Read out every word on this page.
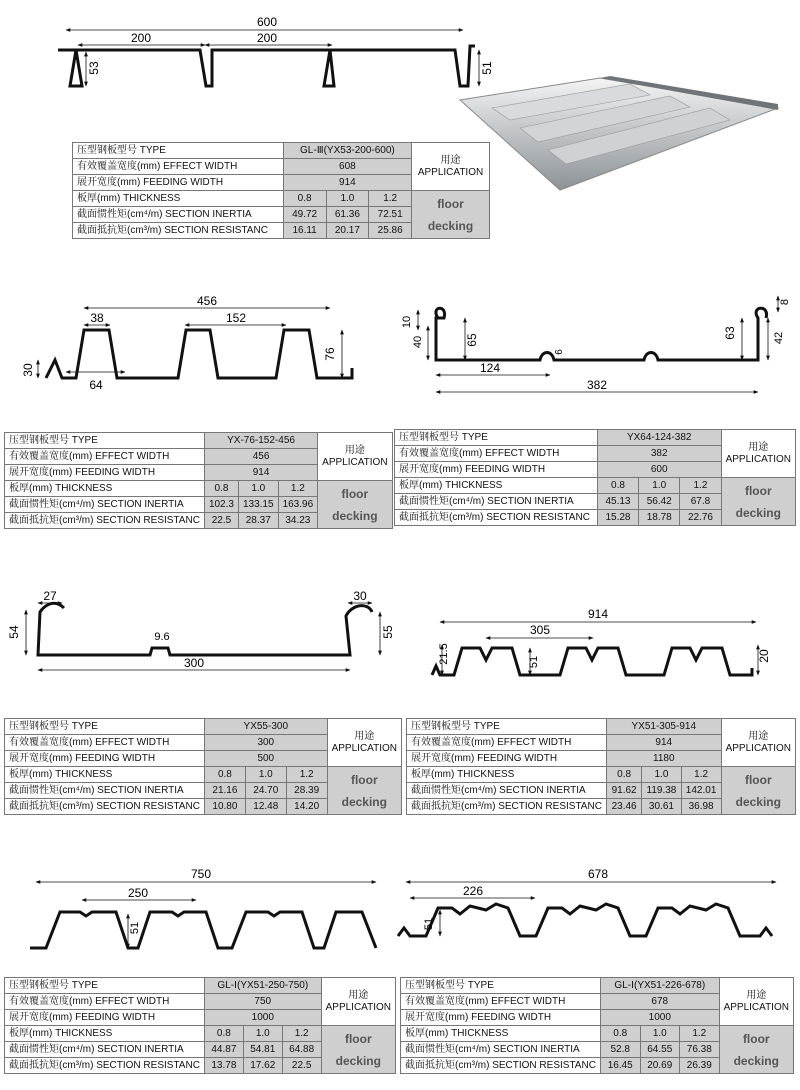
600
200	200
53	51
456
38	152
64
76
30	124
382
65
63
10
40
8
42
6
27	30
54	55
9.6
300
914
305
21.5	51	20
750
250
51
678
226
51
压型钢板型号 TYPE	GL-Ⅲ(YX53-200-600)			用途
APPLICATION
有效覆盖宽度(mm) EFFECT WIDTH	608			
展开宽度(mm) FEEDING WIDTH	914			
板厚(mm) THICKNESS	0.8	1.0	1.2	floor
decking
截面惯性矩(cm⁴/m) SECTION INERTIA	49.72	61.36	72.51	
截面抵抗矩(cm³/m) SECTION RESISTANC	16.11	20.17	25.86	
压型钢板型号 TYPE	YX-76-152-456			用途
APPLICATION
有效覆盖宽度(mm) EFFECT WIDTH	456			
展开宽度(mm) FEEDING WIDTH	914			
板厚(mm) THICKNESS	0.8	1.0	1.2	floor
decking
截面惯性矩(cm⁴/m) SECTION INERTIA	102.3	133.15	163.96	
截面抵抗矩(cm³/m) SECTION RESISTANC	22.5	28.37	34.23	
压型钢板型号 TYPE	YX64-124-382			用途
APPLICATION
有效覆盖宽度(mm) EFFECT WIDTH	382			
展开宽度(mm) FEEDING WIDTH	600			
板厚(mm) THICKNESS	0.8	1.0	1.2	floor
decking
截面惯性矩(cm⁴/m) SECTION INERTIA	45.13	56.42	67.8	
截面抵抗矩(cm³/m) SECTION RESISTANC	15.28	18.78	22.76	
压型钢板型号 TYPE	YX55-300			用途
APPLICATION
有效覆盖宽度(mm) EFFECT WIDTH	300			
展开宽度(mm) FEEDING WIDTH	500			
板厚(mm) THICKNESS	0.8	1.0	1.2	floor
decking
截面惯性矩(cm⁴/m) SECTION INERTIA	21.16	24.70	28.39	
截面抵抗矩(cm³/m) SECTION RESISTANC	10.80	12.48	14.20	
压型钢板型号 TYPE	YX51-305-914			用途
APPLICATION
有效覆盖宽度(mm) EFFECT WIDTH	914			
展开宽度(mm) FEEDING WIDTH	1180			
板厚(mm) THICKNESS	0.8	1.0	1.2	floor
decking
截面惯性矩(cm⁴/m) SECTION INERTIA	91.62	119.38	142.01	
截面抵抗矩(cm³/m) SECTION RESISTANC	23.46	30.61	36.98	
压型钢板型号 TYPE	GL-Ⅰ(YX51-250-750)			用途
APPLICATION
有效覆盖宽度(mm) EFFECT WIDTH	750			
展开宽度(mm) FEEDING WIDTH	1000			
板厚(mm) THICKNESS	0.8	1.0	1.2	floor
decking
截面惯性矩(cm⁴/m) SECTION INERTIA	44.87	54.81	64.88	
截面抵抗矩(cm³/m) SECTION RESISTANC	13.78	17.62	22.5	
压型钢板型号 TYPE	GL-Ⅰ(YX51-226-678)			用途
APPLICATION
有效覆盖宽度(mm) EFFECT WIDTH	678			
展开宽度(mm) FEEDING WIDTH	1000			
板厚(mm) THICKNESS	0.8	1.0	1.2	floor
decking
截面惯性矩(cm⁴/m) SECTION INERTIA	52.8	64.55	76.38	
截面抵抗矩(cm³/m) SECTION RESISTANC	16.45	20.69	26.39	
